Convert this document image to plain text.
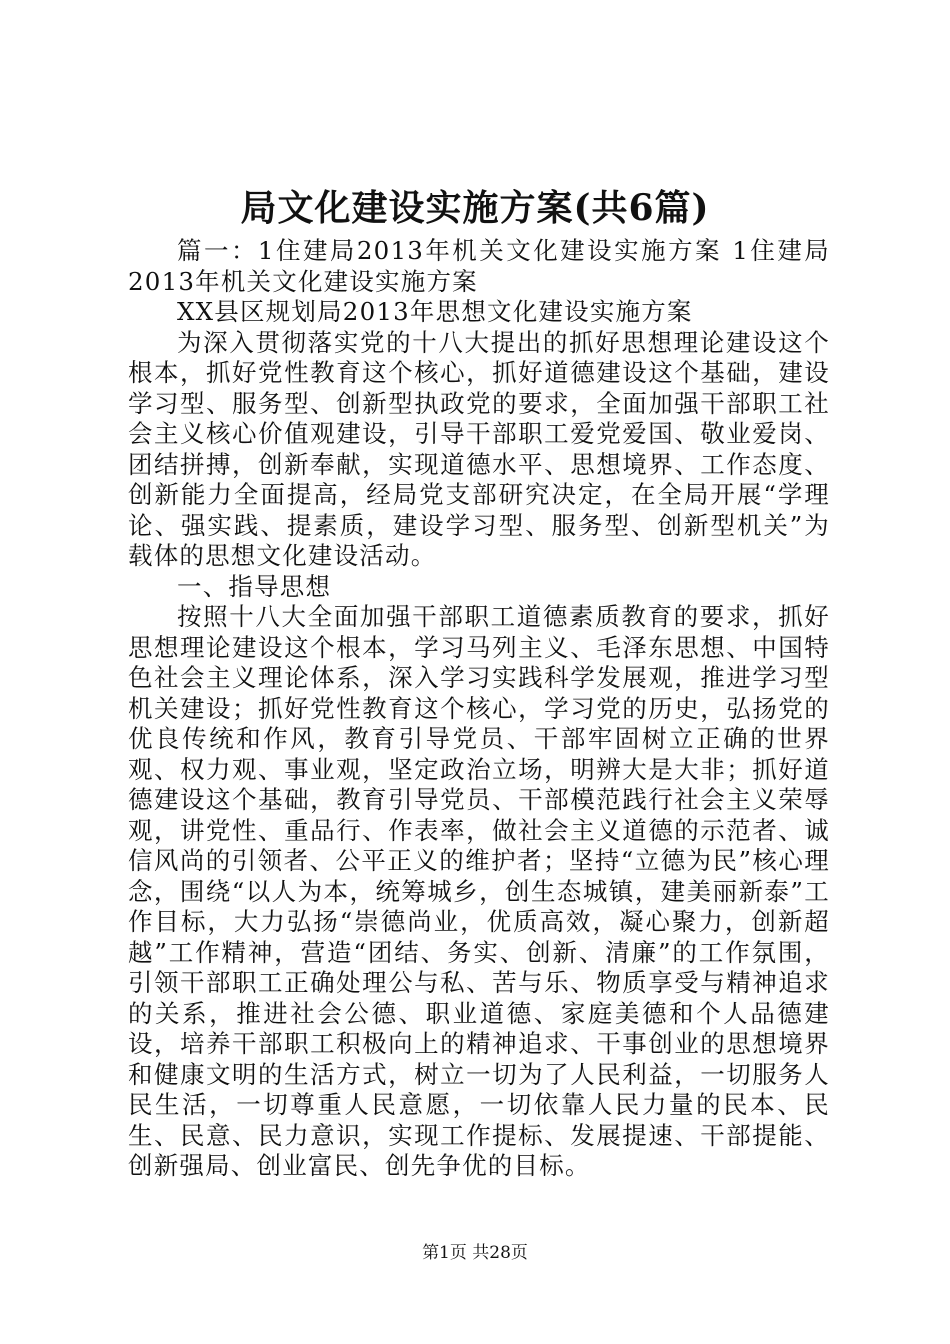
局文化建设实施方案(共6篇)

篇一：1住建局2013年机关文化建设实施方案 1住建局2013年机关文化建设实施方案

XX县区规划局2013年思想文化建设实施方案

为深入贯彻落实党的十八大提出的抓好思想理论建设这个根本，抓好党性教育这个核心，抓好道德建设这个基础，建设学习型、服务型、创新型执政党的要求，全面加强干部职工社会主义核心价值观建设，引导干部职工爱党爱国、敬业爱岗、团结拼搏，创新奉献，实现道德水平、思想境界、工作态度、创新能力全面提高，经局党支部研究决定，在全局开展“学理论、强实践、提素质，建设学习型、服务型、创新型机关”为载体的思想文化建设活动。

一、指导思想

按照十八大全面加强干部职工道德素质教育的要求，抓好思想理论建设这个根本，学习马列主义、毛泽东思想、中国特色社会主义理论体系，深入学习实践科学发展观，推进学习型机关建设；抓好党性教育这个核心，学习党的历史，弘扬党的优良传统和作风，教育引导党员、干部牢固树立正确的世界观、权力观、事业观，坚定政治立场，明辨大是大非；抓好道德建设这个基础，教育引导党员、干部模范践行社会主义荣辱观，讲党性、重品行、作表率，做社会主义道德的示范者、诚信风尚的引领者、公平正义的维护者；坚持“立德为民”核心理念，围绕“以人为本，统筹城乡，创生态城镇，建美丽新泰”工作目标，大力弘扬“崇德尚业，优质高效，凝心聚力，创新超越”工作精神，营造“团结、务实、创新、清廉”的工作氛围，引领干部职工正确处理公与私、苦与乐、物质享受与精神追求的关系，推进社会公德、职业道德、家庭美德和个人品德建设，培养干部职工积极向上的精神追求、干事创业的思想境界和健康文明的生活方式，树立一切为了人民利益，一切服务人民生活，一切尊重人民意愿，一切依靠人民力量的民本、民生、民意、民力意识，实现工作提标、发展提速、干部提能、创新强局、创业富民、创先争优的目标。

第1页 共28页
